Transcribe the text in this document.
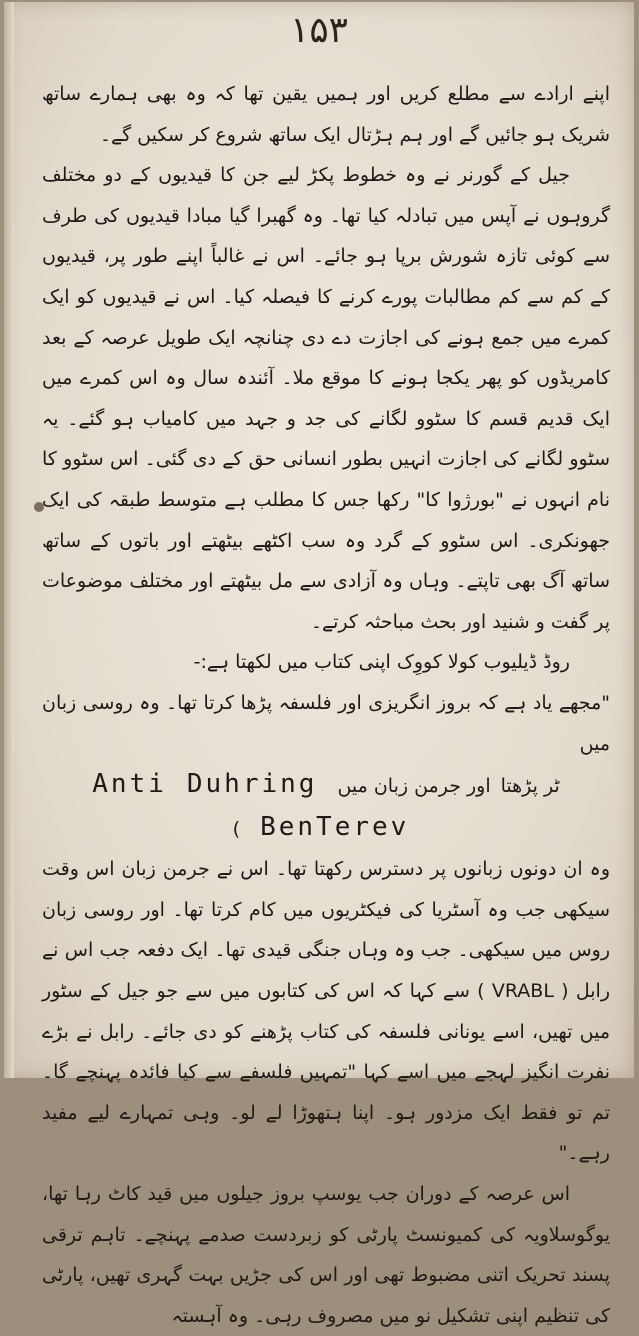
۱۵۳

اپنے ارادے سے مطلع کریں اور ہمیں یقین تھا کہ وہ بھی ہمارے ساتھ شریک ہو جائیں گے اور ہم ہڑتال ایک ساتھ شروع کر سکیں گے۔

جیل کے گورنر نے وہ خطوط پکڑ لیے جن کا قیدیوں کے دو مختلف گروہوں نے آپس میں تبادلہ کیا تھا۔ وہ گھبرا گیا مبادا قیدیوں کی طرف سے کوئی تازہ شورش برپا ہو جائے۔ اس نے غالباً اپنے طور پر، قیدیوں کے کم سے کم مطالبات پورے کرنے کا فیصلہ کیا۔ اس نے قیدیوں کو ایک کمرے میں جمع ہونے کی اجازت دے دی چنانچہ ایک طویل عرصہ کے بعد کامریڈوں کو پھر یکجا ہونے کا موقع ملا۔ آئندہ سال وہ اس کمرے میں ایک قدیم قسم کا سٹوو لگانے کی جد و جہد میں کامیاب ہو گئے۔ یہ سٹوو لگانے کی اجازت انہیں بطور انسانی حق کے دی گئی۔ اس سٹوو کا نام انہوں نے "بورژوا کا" رکھا جس کا مطلب ہے متوسط طبقہ کی ایک جھونکری۔ اس سٹوو کے گرد وہ سب اکٹھے بیٹھتے اور باتوں کے ساتھ ساتھ آگ بھی تاپتے۔ وہاں وہ آزادی سے مل بیٹھتے اور مختلف موضوعات پر گفت و شنید اور بحث مباحثہ کرتے۔

روڈ ڈیلیوب کولا کووِک اپنی کتاب میں لکھتا ہے:-

"مجھے یاد ہے کہ بروز انگریزی اور فلسفہ پڑھا کرتا تھا۔ وہ روسی زبان میں

Anti Duhring	ٹر پڑھتااور جرمن زبان میں ( BenTerev

وہ ان دونوں زبانوں پر دسترس رکھتا تھا۔ اس نے جرمن زبان اس وقت سیکھی جب وہ آسٹریا کی فیکٹریوں میں کام کرتا تھا۔ اور روسی زبان روس میں سیکھی۔ جب وہ وہاں جنگی قیدی تھا۔ ایک دفعہ جب اس نے رابل ( VRABL ) سے کہا کہ اس کی کتابوں میں سے جو جیل کے سٹور میں تھیں، اسے یونانی فلسفہ کی کتاب پڑھنے کو دی جائے۔ رابل نے بڑے نفرت انگیز لہجے میں اسے کہا "تمہیں فلسفے سے کیا فائدہ پہنچے گا۔ تم تو فقط ایک مزدور ہو۔ اپنا ہتھوڑا لے لو۔ وہی تمہارے لیے مفید رہے۔"

اس عرصہ کے دوران جب یوسپ بروز جیلوں میں قید کاٹ رہا تھا، یوگوسلاویہ کی کمیونسٹ پارٹی کو زبردست صدمے پہنچے۔ تاہم ترقی پسند تحریک اتنی مضبوط تھی اور اس کی جڑیں بہت گہری تھیں، پارٹی کی تنظیم اپنی تشکیل نو میں مصروف رہی۔ وہ آہستہ
